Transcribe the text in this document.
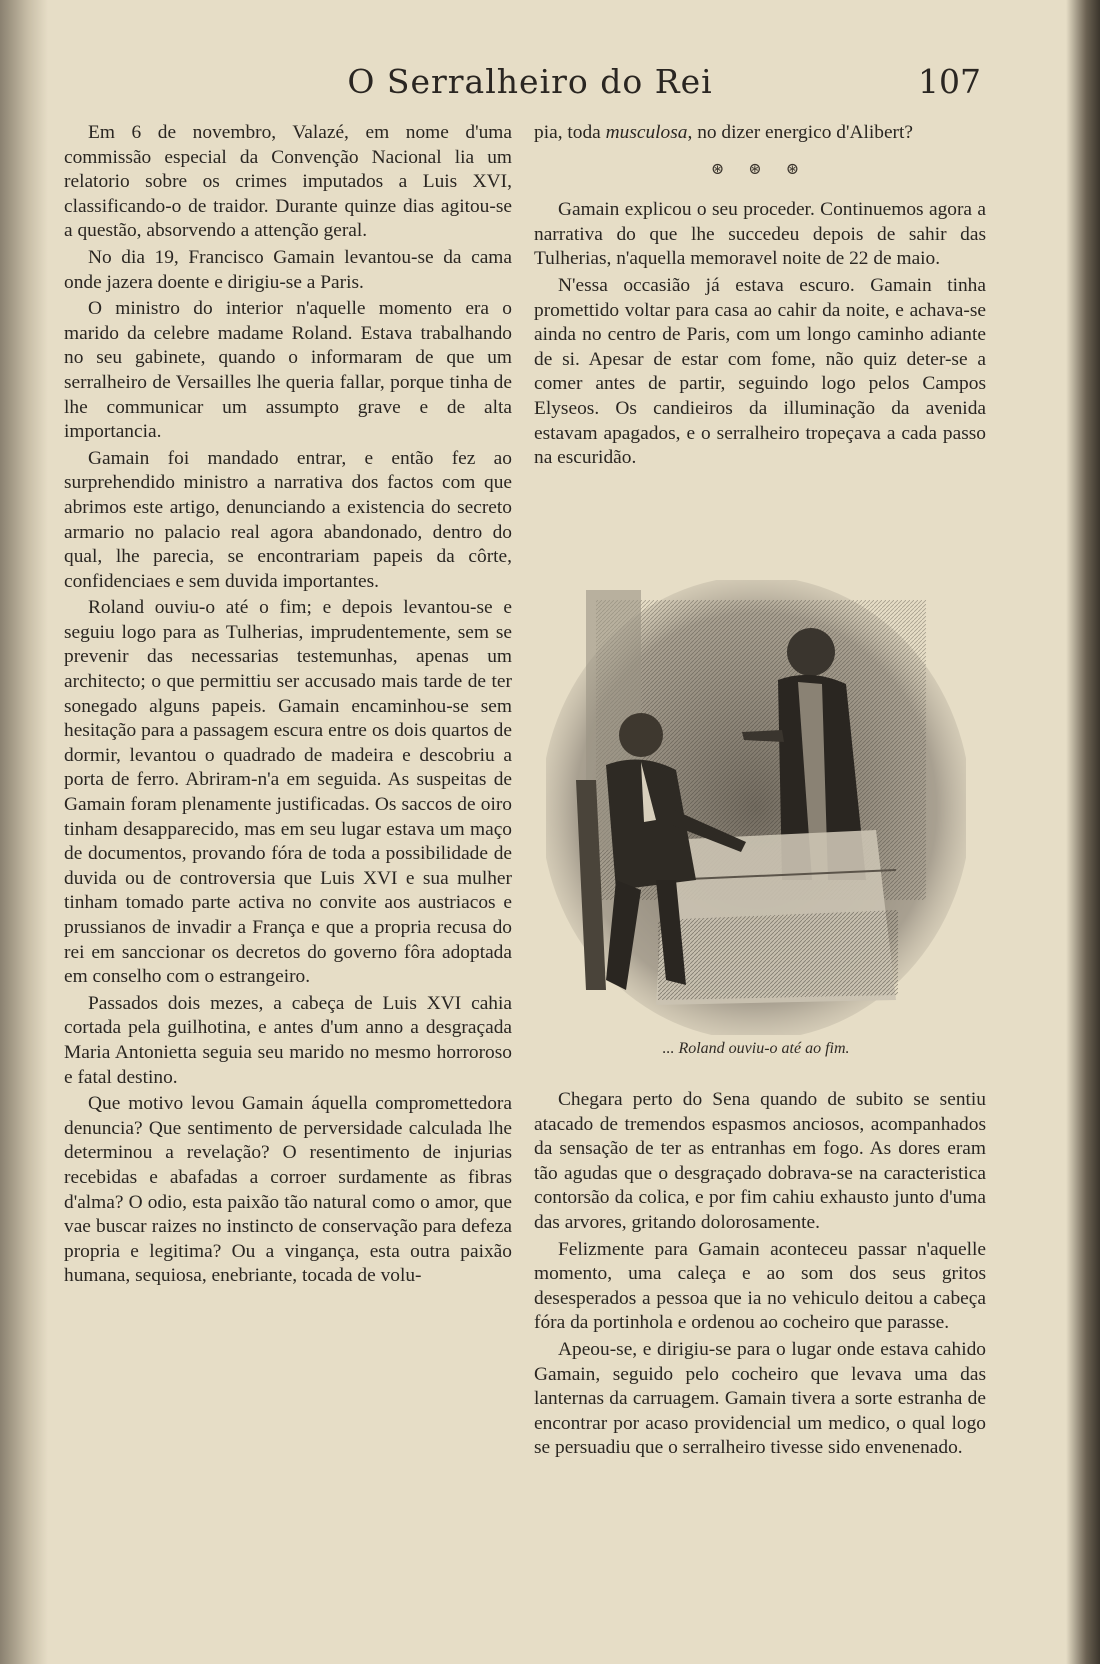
O Serralheiro do Rei	107

Em 6 de novembro, Valazé, em nome d'uma commissão especial da Convenção Nacional lia um relatorio sobre os crimes imputados a Luis XVI, classificando-o de traidor. Durante quinze dias agitou-se a questão, absorvendo a attenção geral.

No dia 19, Francisco Gamain levantou-se da cama onde jazera doente e dirigiu-se a Paris.

O ministro do interior n'aquelle momento era o marido da celebre madame Roland. Estava trabalhando no seu gabinete, quando o informaram de que um serralheiro de Versailles lhe queria fallar, porque tinha de lhe communicar um assumpto grave e de alta importancia.

Gamain foi mandado entrar, e então fez ao surprehendido ministro a narrativa dos factos com que abrimos este artigo, denunciando a existencia do secreto armario no palacio real agora abandonado, dentro do qual, lhe parecia, se encontrariam papeis da côrte, confidenciaes e sem duvida importantes.

Roland ouviu-o até o fim; e depois levantou-se e seguiu logo para as Tulherias, imprudentemente, sem se prevenir das necessarias testemunhas, apenas um architecto; o que permittiu ser accusado mais tarde de ter sonegado alguns papeis. Gamain encaminhou-se sem hesitação para a passagem escura entre os dois quartos de dormir, levantou o quadrado de madeira e descobriu a porta de ferro. Abriram-n'a em seguida. As suspeitas de Gamain foram plenamente justificadas. Os saccos de oiro tinham desapparecido, mas em seu lugar estava um maço de documentos, provando fóra de toda a possibilidade de duvida ou de controversia que Luis XVI e sua mulher tinham tomado parte activa no convite aos austriacos e prussianos de invadir a França e que a propria recusa do rei em sanccionar os decretos do governo fôra adoptada em conselho com o estrangeiro.

Passados dois mezes, a cabeça de Luis XVI cahia cortada pela guilhotina, e antes d'um anno a desgraçada Maria Antonietta seguia seu marido no mesmo horroroso e fatal destino.

Que motivo levou Gamain áquella compromettedora denuncia? Que sentimento de perversidade calculada lhe determinou a revelação? O resentimento de injurias recebidas e abafadas a corroer surdamente as fibras d'alma? O odio, esta paixão tão natural como o amor, que vae buscar raizes no instincto de conservação para defeza propria e legitima? Ou a vingança, esta outra paixão humana, sequiosa, enebriante, tocada de volu-

pia, toda musculosa, no dizer energico d'Alibert?

⊛ ⊛ ⊛

Gamain explicou o seu proceder. Continuemos agora a narrativa do que lhe succedeu depois de sahir das Tulherias, n'aquella memoravel noite de 22 de maio.

N'essa occasião já estava escuro. Gamain tinha promettido voltar para casa ao cahir da noite, e achava-se ainda no centro de Paris, com um longo caminho adiante de si. Apesar de estar com fome, não quiz deter-se a comer antes de partir, seguindo logo pelos Campos Elyseos. Os candieiros da illuminação da avenida estavam apagados, e o serralheiro tropeçava a cada passo na escuridão.

... Roland ouviu-o até ao fim.

Chegara perto do Sena quando de subito se sentiu atacado de tremendos espasmos anciosos, acompanhados da sensação de ter as entranhas em fogo. As dores eram tão agudas que o desgraçado dobrava-se na caracteristica contorsão da colica, e por fim cahiu exhausto junto d'uma das arvores, gritando dolorosamente.

Felizmente para Gamain aconteceu passar n'aquelle momento, uma caleça e ao som dos seus gritos desesperados a pessoa que ia no vehiculo deitou a cabeça fóra da portinhola e ordenou ao cocheiro que parasse.

Apeou-se, e dirigiu-se para o lugar onde estava cahido Gamain, seguido pelo cocheiro que levava uma das lanternas da carruagem. Gamain tivera a sorte estranha de encontrar por acaso providencial um medico, o qual logo se persuadiu que o serralheiro tivesse sido envenenado.
